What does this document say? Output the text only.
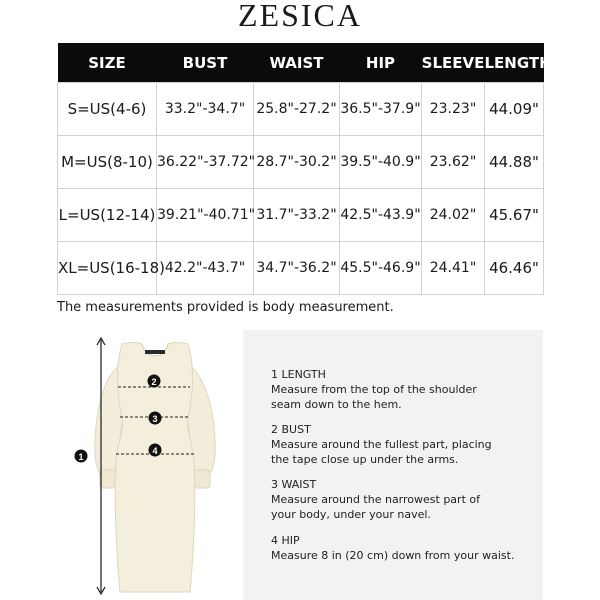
ZESICA
SIZE	BUST	WAIST	HIP	SLEEVE	LENGTH
S=US(4-6)	33.2"-34.7"	25.8"-27.2"	36.5"-37.9"	23.23"	44.09"
M=US(8-10)	36.22"-37.72"	28.7"-30.2"	39.5"-40.9"	23.62"	44.88"
L=US(12-14)	39.21"-40.71"	31.7"-33.2"	42.5"-43.9"	24.02"	45.67"
XL=US(16-18)	42.2"-43.7"	34.7"-36.2"	45.5"-46.9"	24.41"	46.46"
The measurements provided is body measurement.
1
2
3
4
1 LENGTH
Measure from the top of the shoulder
seam down to the hem.
2 BUST
Measure around the fullest part, placing
the tape close up under the arms.
3 WAIST
Measure around the narrowest part of
your body, under your navel.
4 HIP
Measure 8 in (20 cm) down from your waist.
